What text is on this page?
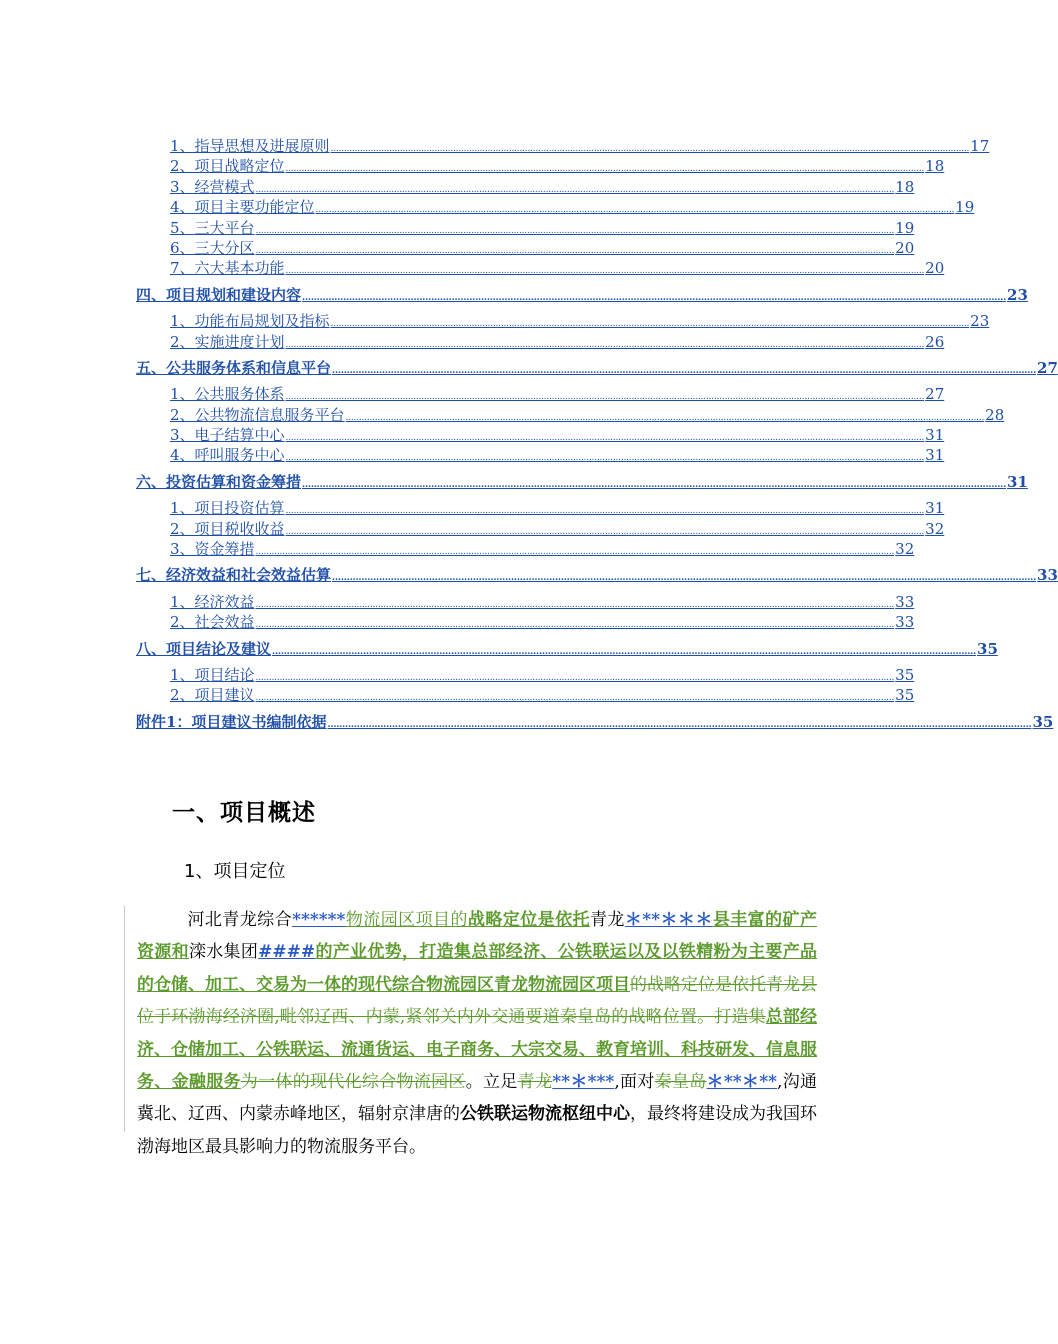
1、指导思想及进展原则 ................................................................................................................................................................................................................................................ 17
2、项目战略定位 ................................................................................................................................................................................................................................................ 18
3、经营模式 ................................................................................................................................................................................................................................................ 18
4、项目主要功能定位 ................................................................................................................................................................................................................................................ 19
5、三大平台 ................................................................................................................................................................................................................................................ 19
6、三大分区 ................................................................................................................................................................................................................................................ 20
7、六大基本功能 ................................................................................................................................................................................................................................................ 20
四、项目规划和建设内容 ................................................................................................................................................................................................................................................ 23
1、功能布局规划及指标 ................................................................................................................................................................................................................................................ 23
2、实施进度计划 ................................................................................................................................................................................................................................................ 26
五、公共服务体系和信息平台 ................................................................................................................................................................................................................................................ 27
1、公共服务体系 ................................................................................................................................................................................................................................................ 27
2、公共物流信息服务平台 ................................................................................................................................................................................................................................................ 28
3、电子结算中心 ................................................................................................................................................................................................................................................ 31
4、呼叫服务中心 ................................................................................................................................................................................................................................................ 31
六、投资估算和资金筹措 ................................................................................................................................................................................................................................................ 31
1、项目投资估算 ................................................................................................................................................................................................................................................ 31
2、项目税收收益 ................................................................................................................................................................................................................................................ 32
3、资金筹措 ................................................................................................................................................................................................................................................ 32
七、经济效益和社会效益估算 ................................................................................................................................................................................................................................................ 33
1、经济效益 ................................................................................................................................................................................................................................................ 33
2、社会效益 ................................................................................................................................................................................................................................................ 33
八、项目结论及建议 ................................................................................................................................................................................................................................................ 35
1、项目结论 ................................................................................................................................................................................................................................................ 35
2、项目建议 ................................................................................................................................................................................................................................................ 35
附件1：项目建议书编制依据 ................................................................................................................................................................................................................................................ 35
一、项目概述
1、项目定位
河北青龙综合******物流园区项目的战略定位是依托青龙＊**＊＊＊县丰富的矿产资源和滦水集团####的产业优势，打造集总部经济、公铁联运以及以铁精粉为主要产品的仓储、加工、交易为一体的现代综合物流园区青龙物流园区项目的战略定位是依托青龙县位于环渤海经济圈,毗邻辽西、内蒙,紧邻关内外交通要道秦皇岛的战略位置。打造集总部经济、仓储加工、公铁联运、流通货运、电子商务、大宗交易、教育培训、科技研发、信息服务、金融服务为一体的现代化综合物流园区。立足青龙**＊***,面对秦皇岛＊**＊**,沟通冀北、辽西、内蒙赤峰地区，辐射京津唐的公铁联运物流枢纽中心，最终将建设成为我国环渤海地区最具影响力的物流服务平台。
